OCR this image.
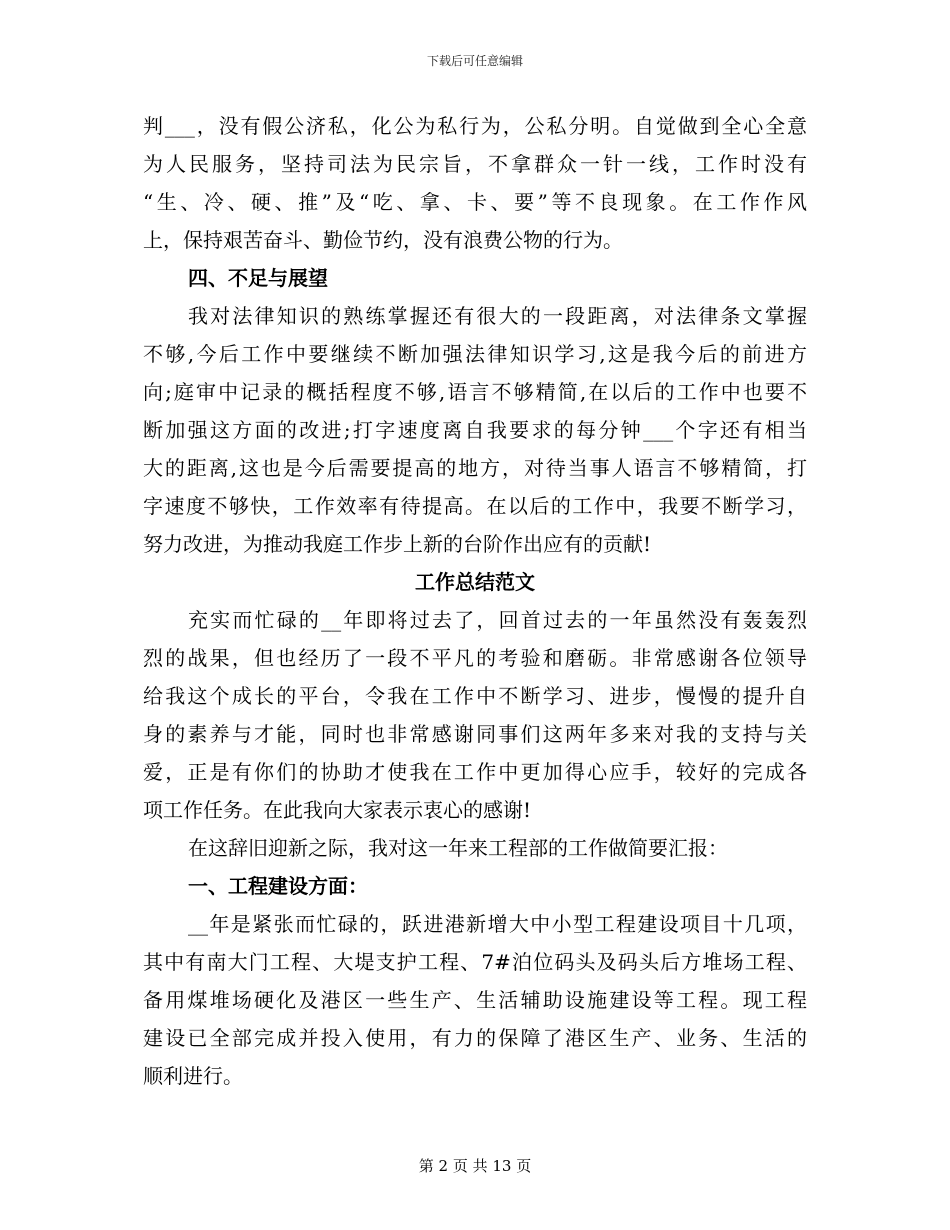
下载后可任意编辑
判___，没有假公济私，化公为私行为，公私分明。自觉做到全心全意
为人民服务，坚持司法为民宗旨，不拿群众一针一线，工作时没有
“生、冷、硬、推”及“吃、拿、卡、要”等不良现象。在工作作风
上，保持艰苦奋斗、勤俭节约，没有浪费公物的行为。
四、不足与展望
我对法律知识的熟练掌握还有很大的一段距离，对法律条文掌握
不够,今后工作中要继续不断加强法律知识学习,这是我今后的前进方
向;庭审中记录的概括程度不够,语言不够精简,在以后的工作中也要不
断加强这方面的改进;打字速度离自我要求的每分钟___个字还有相当
大的距离,这也是今后需要提高的地方，对待当事人语言不够精简，打
字速度不够快，工作效率有待提高。在以后的工作中，我要不断学习，
努力改进，为推动我庭工作步上新的台阶作出应有的贡献!
工作总结范文
充实而忙碌的__年即将过去了，回首过去的一年虽然没有轰轰烈
烈的战果，但也经历了一段不平凡的考验和磨砺。非常感谢各位领导
给我这个成长的平台，令我在工作中不断学习、进步，慢慢的提升自
身的素养与才能，同时也非常感谢同事们这两年多来对我的支持与关
爱，正是有你们的协助才使我在工作中更加得心应手，较好的完成各
项工作任务。在此我向大家表示衷心的感谢!
在这辞旧迎新之际，我对这一年来工程部的工作做简要汇报：
一、工程建设方面：
__年是紧张而忙碌的，跃进港新增大中小型工程建设项目十几项，
其中有南大门工程、大堤支护工程、7#泊位码头及码头后方堆场工程、
备用煤堆场硬化及港区一些生产、生活辅助设施建设等工程。现工程
建设已全部完成并投入使用，有力的保障了港区生产、业务、生活的
顺利进行。
第 2 页 共 13 页
